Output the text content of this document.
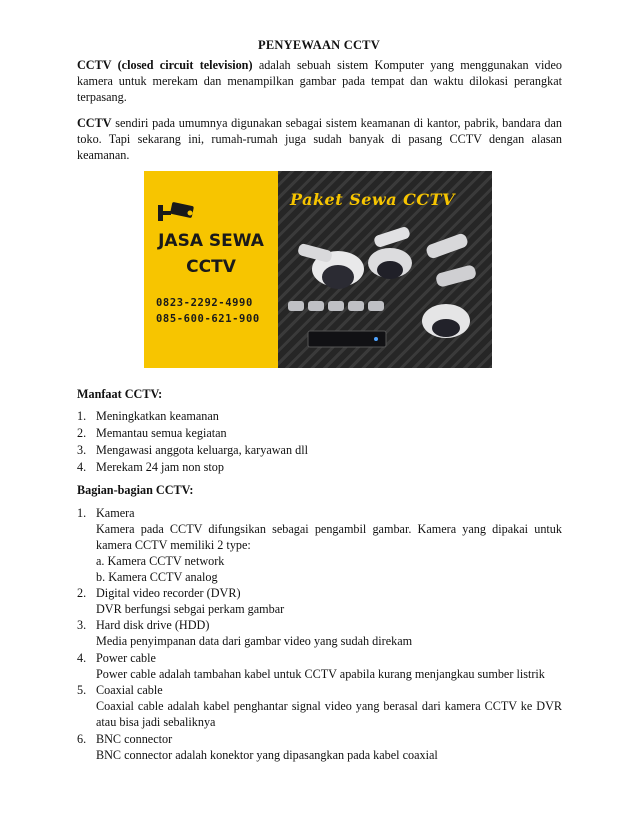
PENYEWAAN CCTV
CCTV (closed circuit television) adalah sebuah sistem Komputer yang menggunakan video kamera untuk merekam dan menampilkan gambar pada tempat dan waktu dilokasi perangkat terpasang.
CCTV sendiri pada umumnya digunakan sebagai sistem keamanan di kantor, pabrik, bandara dan toko. Tapi sekarang ini, rumah-rumah juga sudah banyak di pasang CCTV dengan alasan keamanan.
JASA SEWA
CCTV
0823-2292-4990
085-600-621-900
Paket Sewa CCTV
Manfaat CCTV:
1. Meningkatkan keamanan
2. Memantau semua kegiatan
3. Mengawasi anggota keluarga, karyawan dll
4. Merekam 24 jam non stop
Bagian-bagian CCTV:
1. Kamera
Kamera pada CCTV difungsikan sebagai pengambil gambar. Kamera yang dipakai untuk kamera CCTV memiliki 2 type:
a. Kamera CCTV network
b. Kamera CCTV analog
2. Digital video recorder (DVR)
DVR berfungsi sebgai perkam gambar
3. Hard disk drive (HDD)
Media penyimpanan data dari gambar video yang sudah direkam
4. Power cable
Power cable adalah tambahan kabel untuk CCTV apabila kurang menjangkau sumber listrik
5. Coaxial cable
Coaxial cable adalah kabel penghantar signal video yang berasal dari kamera CCTV ke DVR atau bisa jadi sebaliknya
6. BNC connector
BNC connector adalah konektor yang dipasangkan pada kabel coaxial
